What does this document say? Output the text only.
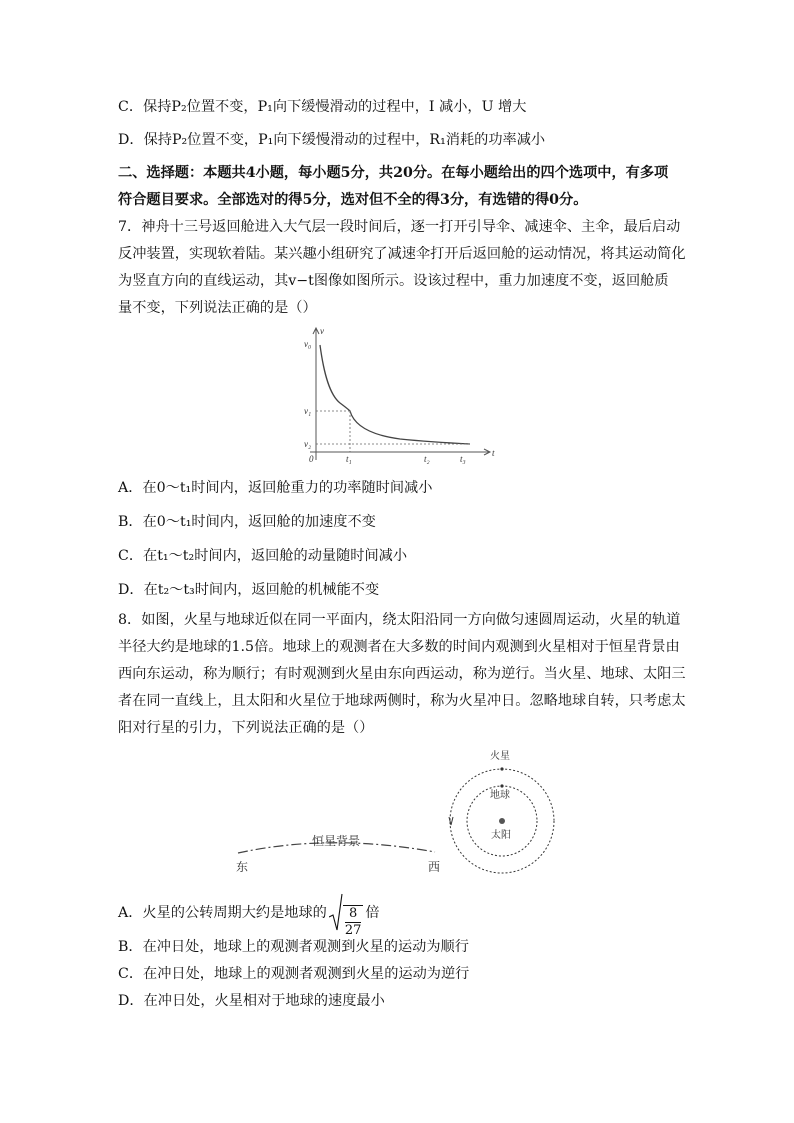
C．保持P₂位置不变，P₁向下缓慢滑动的过程中，I 减小，U 增大
D．保持P₂位置不变，P₁向下缓慢滑动的过程中，R₁消耗的功率减小
二、选择题：本题共4小题，每小题5分，共20分。在每小题给出的四个选项中，有多项
符合题目要求。全部选对的得5分，选对但不全的得3分，有选错的得0分。
7．神舟十三号返回舱进入大气层一段时间后，逐一打开引导伞、减速伞、主伞，最后启动
反冲装置，实现软着陆。某兴趣小组研究了减速伞打开后返回舱的运动情况，将其运动简化
为竖直方向的直线运动，其v−t图像如图所示。设该过程中，重力加速度不变，返回舱质
量不变，下列说法正确的是（）
v
v₀
v₁
v₂
0	t₁	t₂	t₃
t
A．在0～t₁时间内，返回舱重力的功率随时间减小
B．在0～t₁时间内，返回舱的加速度不变
C．在t₁～t₂时间内，返回舱的动量随时间减小
D．在t₂～t₃时间内，返回舱的机械能不变
8．如图，火星与地球近似在同一平面内，绕太阳沿同一方向做匀速圆周运动，火星的轨道
半径大约是地球的1.5倍。地球上的观测者在大多数的时间内观测到火星相对于恒星背景由
西向东运动，称为顺行；有时观测到火星由东向西运动，称为逆行。当火星、地球、太阳三
者在同一直线上，且太阳和火星位于地球两侧时，称为火星冲日。忽略地球自转，只考虑太
阳对行星的引力，下列说法正确的是（）
恒星背景
东	西
火星
地球
太阳
A．火星的公转周期大约是地球的 $\frac{8}{27}$ 倍
B．在冲日处，地球上的观测者观测到火星的运动为顺行
C．在冲日处，地球上的观测者观测到火星的运动为逆行
D．在冲日处，火星相对于地球的速度最小
